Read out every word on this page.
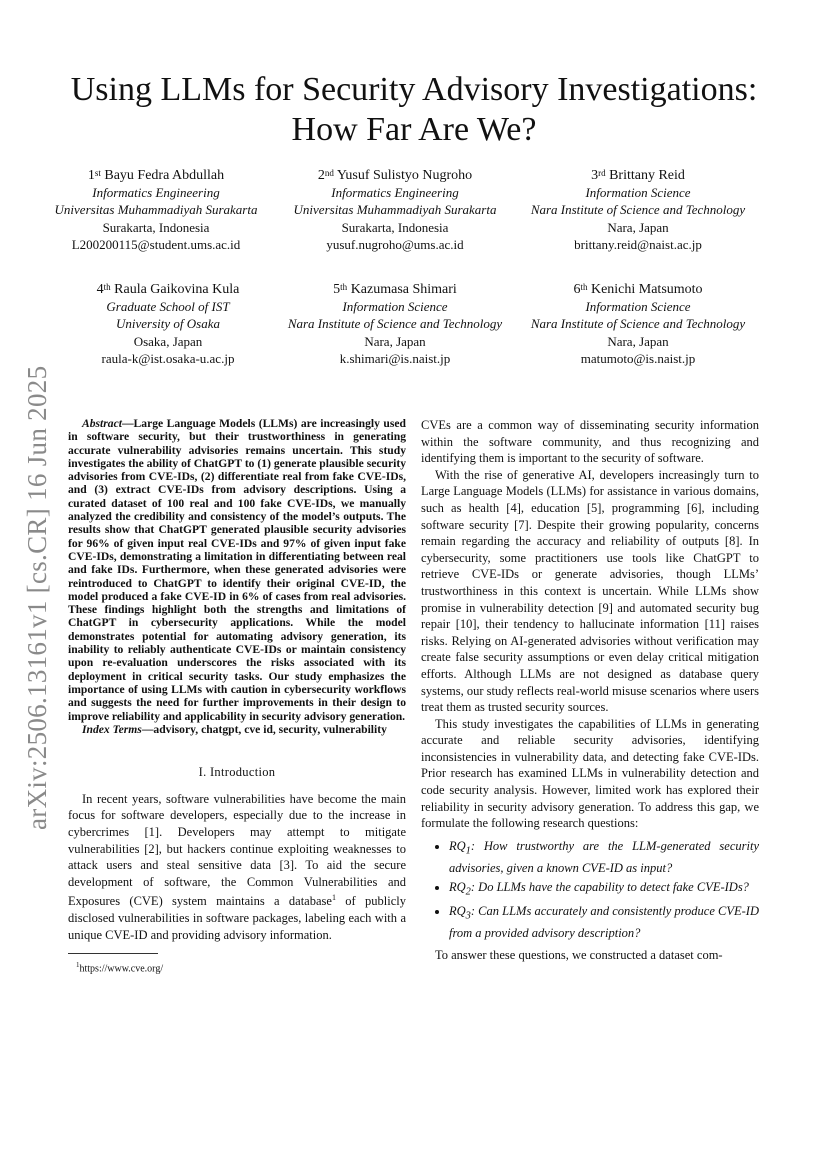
arXiv:2506.13161v1 [cs.CR] 16 Jun 2025
Using LLMs for Security Advisory Investigations:
How Far Are We?
1st Bayu Fedra Abdullah
Informatics Engineering
Universitas Muhammadiyah Surakarta
Surakarta, Indonesia
L200200115@student.ums.ac.id
2nd Yusuf Sulistyo Nugroho
Informatics Engineering
Universitas Muhammadiyah Surakarta
Surakarta, Indonesia
yusuf.nugroho@ums.ac.id
3rd Brittany Reid
Information Science
Nara Institute of Science and Technology
Nara, Japan
brittany.reid@naist.ac.jp
4th Raula Gaikovina Kula
Graduate School of IST
University of Osaka
Osaka, Japan
raula-k@ist.osaka-u.ac.jp
5th Kazumasa Shimari
Information Science
Nara Institute of Science and Technology
Nara, Japan
k.shimari@is.naist.jp
6th Kenichi Matsumoto
Information Science
Nara Institute of Science and Technology
Nara, Japan
matumoto@is.naist.jp

Abstract—Large Language Models (LLMs) are increasingly used in software security, but their trustworthiness in generating accurate vulnerability advisories remains uncertain. This study investigates the ability of ChatGPT to (1) generate plausible security advisories from CVE-IDs, (2) differentiate real from fake CVE-IDs, and (3) extract CVE-IDs from advisory descriptions. Using a curated dataset of 100 real and 100 fake CVE-IDs, we manually analyzed the credibility and consistency of the model’s outputs. The results show that ChatGPT generated plausible security advisories for 96% of given input real CVE-IDs and 97% of given input fake CVE-IDs, demonstrating a limitation in differentiating between real and fake IDs. Furthermore, when these generated advisories were reintroduced to ChatGPT to identify their original CVE-ID, the model produced a fake CVE-ID in 6% of cases from real advisories. These findings highlight both the strengths and limitations of ChatGPT in cybersecurity applications. While the model demonstrates potential for automating advisory generation, its inability to reliably authenticate CVE-IDs or maintain consistency upon re-evaluation underscores the risks associated with its deployment in critical security tasks. Our study emphasizes the importance of using LLMs with caution in cybersecurity workflows and suggests the need for further improvements in their design to improve reliability and applicability in security advisory generation.

Index Terms—advisory, chatgpt, cve id, security, vulnerability

I. Introduction

In recent years, software vulnerabilities have become the main focus for software developers, especially due to the increase in cybercrimes [1]. Developers may attempt to mitigate vulnerabilities [2], but hackers continue exploiting weaknesses to attack users and steal sensitive data [3]. To aid the secure development of software, the Common Vulnerabilities and Exposures (CVE) system maintains a database$^1$ of publicly disclosed vulnerabilities in software packages, labeling each with a unique CVE-ID and providing advisory information.

$^1$https://www.cve.org/

CVEs are a common way of disseminating security information within the software community, and thus recognizing and identifying them is important to the security of software.

With the rise of generative AI, developers increasingly turn to Large Language Models (LLMs) for assistance in various domains, such as health [4], education [5], programming [6], including software security [7]. Despite their growing popularity, concerns remain regarding the accuracy and reliability of outputs [8]. In cybersecurity, some practitioners use tools like ChatGPT to retrieve CVE-IDs or generate advisories, though LLMs’ trustworthiness in this context is uncertain. While LLMs show promise in vulnerability detection [9] and automated security bug repair [10], their tendency to hallucinate information [11] raises risks. Relying on AI-generated advisories without verification may create false security assumptions or even delay critical mitigation efforts. Although LLMs are not designed as database query systems, our study reflects real-world misuse scenarios where users treat them as trusted security sources.

This study investigates the capabilities of LLMs in generating accurate and reliable security advisories, identifying inconsistencies in vulnerability data, and detecting fake CVE-IDs. Prior research has examined LLMs in vulnerability detection and code security analysis. However, limited work has explored their reliability in security advisory generation. To address this gap, we formulate the following research questions:

• $RQ_1$: How trustworthy are the LLM-generated security advisories, given a known CVE-ID as input?
• $RQ_2$: Do LLMs have the capability to detect fake CVE-IDs?
• $RQ_3$: Can LLMs accurately and consistently produce CVE-ID from a provided advisory description?

To answer these questions, we constructed a dataset com-
